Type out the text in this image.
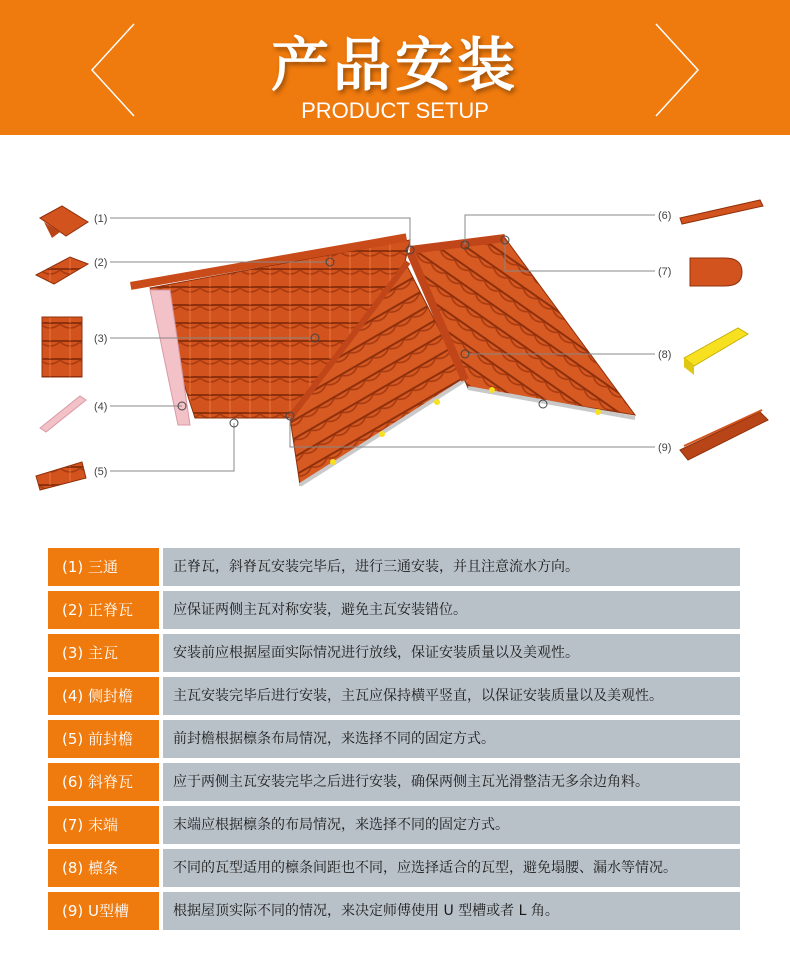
产品安装
PRODUCT SETUP
(1)
(2)
(3)
(4)
(5)
(6)
(7)
(8)
(9)
(1) 三通	正脊瓦，斜脊瓦安装完毕后，进行三通安装，并且注意流水方向。
(2) 正脊瓦	应保证两侧主瓦对称安装，避免主瓦安装错位。
(3) 主瓦	安装前应根据屋面实际情况进行放线，保证安装质量以及美观性。
(4) 侧封檐	主瓦安装完毕后进行安装，主瓦应保持横平竖直，以保证安装质量以及美观性。
(5) 前封檐	前封檐根据檩条布局情况，来选择不同的固定方式。
(6) 斜脊瓦	应于两侧主瓦安装完毕之后进行安装，确保两侧主瓦光滑整洁无多余边角料。
(7) 末端	末端应根据檩条的布局情况，来选择不同的固定方式。
(8) 檩条	不同的瓦型适用的檩条间距也不同，应选择适合的瓦型，避免塌腰、漏水等情况。
(9) U型槽	根据屋顶实际不同的情况，来决定师傅使用 U 型槽或者 L 角。
